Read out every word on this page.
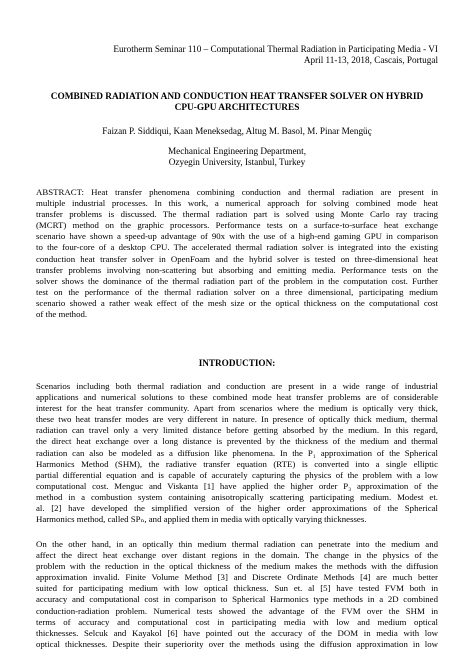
Eurotherm Seminar 110 – Computational Thermal Radiation in Participating Media - VI
April 11-13, 2018, Cascais, Portugal
COMBINED RADIATION AND CONDUCTION HEAT TRANSFER SOLVER ON HYBRID
CPU-GPU ARCHITECTURES
Faizan P. Siddiqui, Kaan Meneksedag, Altug M. Basol, M. Pinar Mengüç
Mechanical Engineering Department,
Ozyegin University, Istanbul, Turkey
ABSTRACT: Heat transfer phenomena combining conduction and thermal radiation are present in
multiple industrial processes. In this work, a numerical approach for solving combined mode heat
transfer problems is discussed. The thermal radiation part is solved using Monte Carlo ray tracing
(MCRT) method on the graphic processors. Performance tests on a surface-to-surface heat exchange
scenario have shown a speed-up advantage of 90x with the use of a high-end gaming GPU in comparison
to the four-core of a desktop CPU. The accelerated thermal radiation solver is integrated into the existing
conduction heat transfer solver in OpenFoam and the hybrid solver is tested on three-dimensional heat
transfer problems involving non-scattering but absorbing and emitting media. Performance tests on the
solver shows the dominance of the thermal radiation part of the problem in the computation cost. Further
test on the performance of the thermal radiation solver on a three dimensional, participating medium
scenario showed a rather weak effect of the mesh size or the optical thickness on the computational cost
of the method.
INTRODUCTION:
Scenarios including both thermal radiation and conduction are present in a wide range of industrial
applications and numerical solutions to these combined mode heat transfer problems are of considerable
interest for the heat transfer community. Apart from scenarios where the medium is optically very thick,
these two heat transfer modes are very different in nature. In presence of optically thick medium, thermal
radiation can travel only a very limited distance before getting absorbed by the medium. In this regard,
the direct heat exchange over a long distance is prevented by the thickness of the medium and thermal
radiation can also be modeled as a diffusion like phenomena. In the P₁ approximation of the Spherical
Harmonics Method (SHM), the radiative transfer equation (RTE) is converted into a single elliptic
partial differential equation and is capable of accurately capturing the physics of the problem with a low
computational cost. Menguc and Viskanta [1] have applied the higher order P₃ approximation of the
method in a combustion system containing anisotropically scattering participating medium. Modest et.
al. [2] have developed the simplified version of the higher order approximations of the Spherical
Harmonics method, called SPₙ, and applied them in media with optically varying thicknesses.
On the other hand, in an optically thin medium thermal radiation can penetrate into the medium and
affect the direct heat exchange over distant regions in the domain. The change in the physics of the
problem with the reduction in the optical thickness of the medium makes the methods with the diffusion
approximation invalid. Finite Volume Method [3] and Discrete Ordinate Methods [4] are much better
suited for participating medium with low optical thickness. Sun et. al [5] have tested FVM both in
accuracy and computational cost in comparison to Spherical Harmonics type methods in a 2D combined
conduction-radiation problem. Numerical tests showed the advantage of the FVM over the SHM in
terms of accuracy and computational cost in participating media with low and medium optical
thicknesses. Selcuk and Kayakol [6] have pointed out the accuracy of the DOM in media with low
optical thicknesses. Despite their superiority over the methods using the diffusion approximation in low
